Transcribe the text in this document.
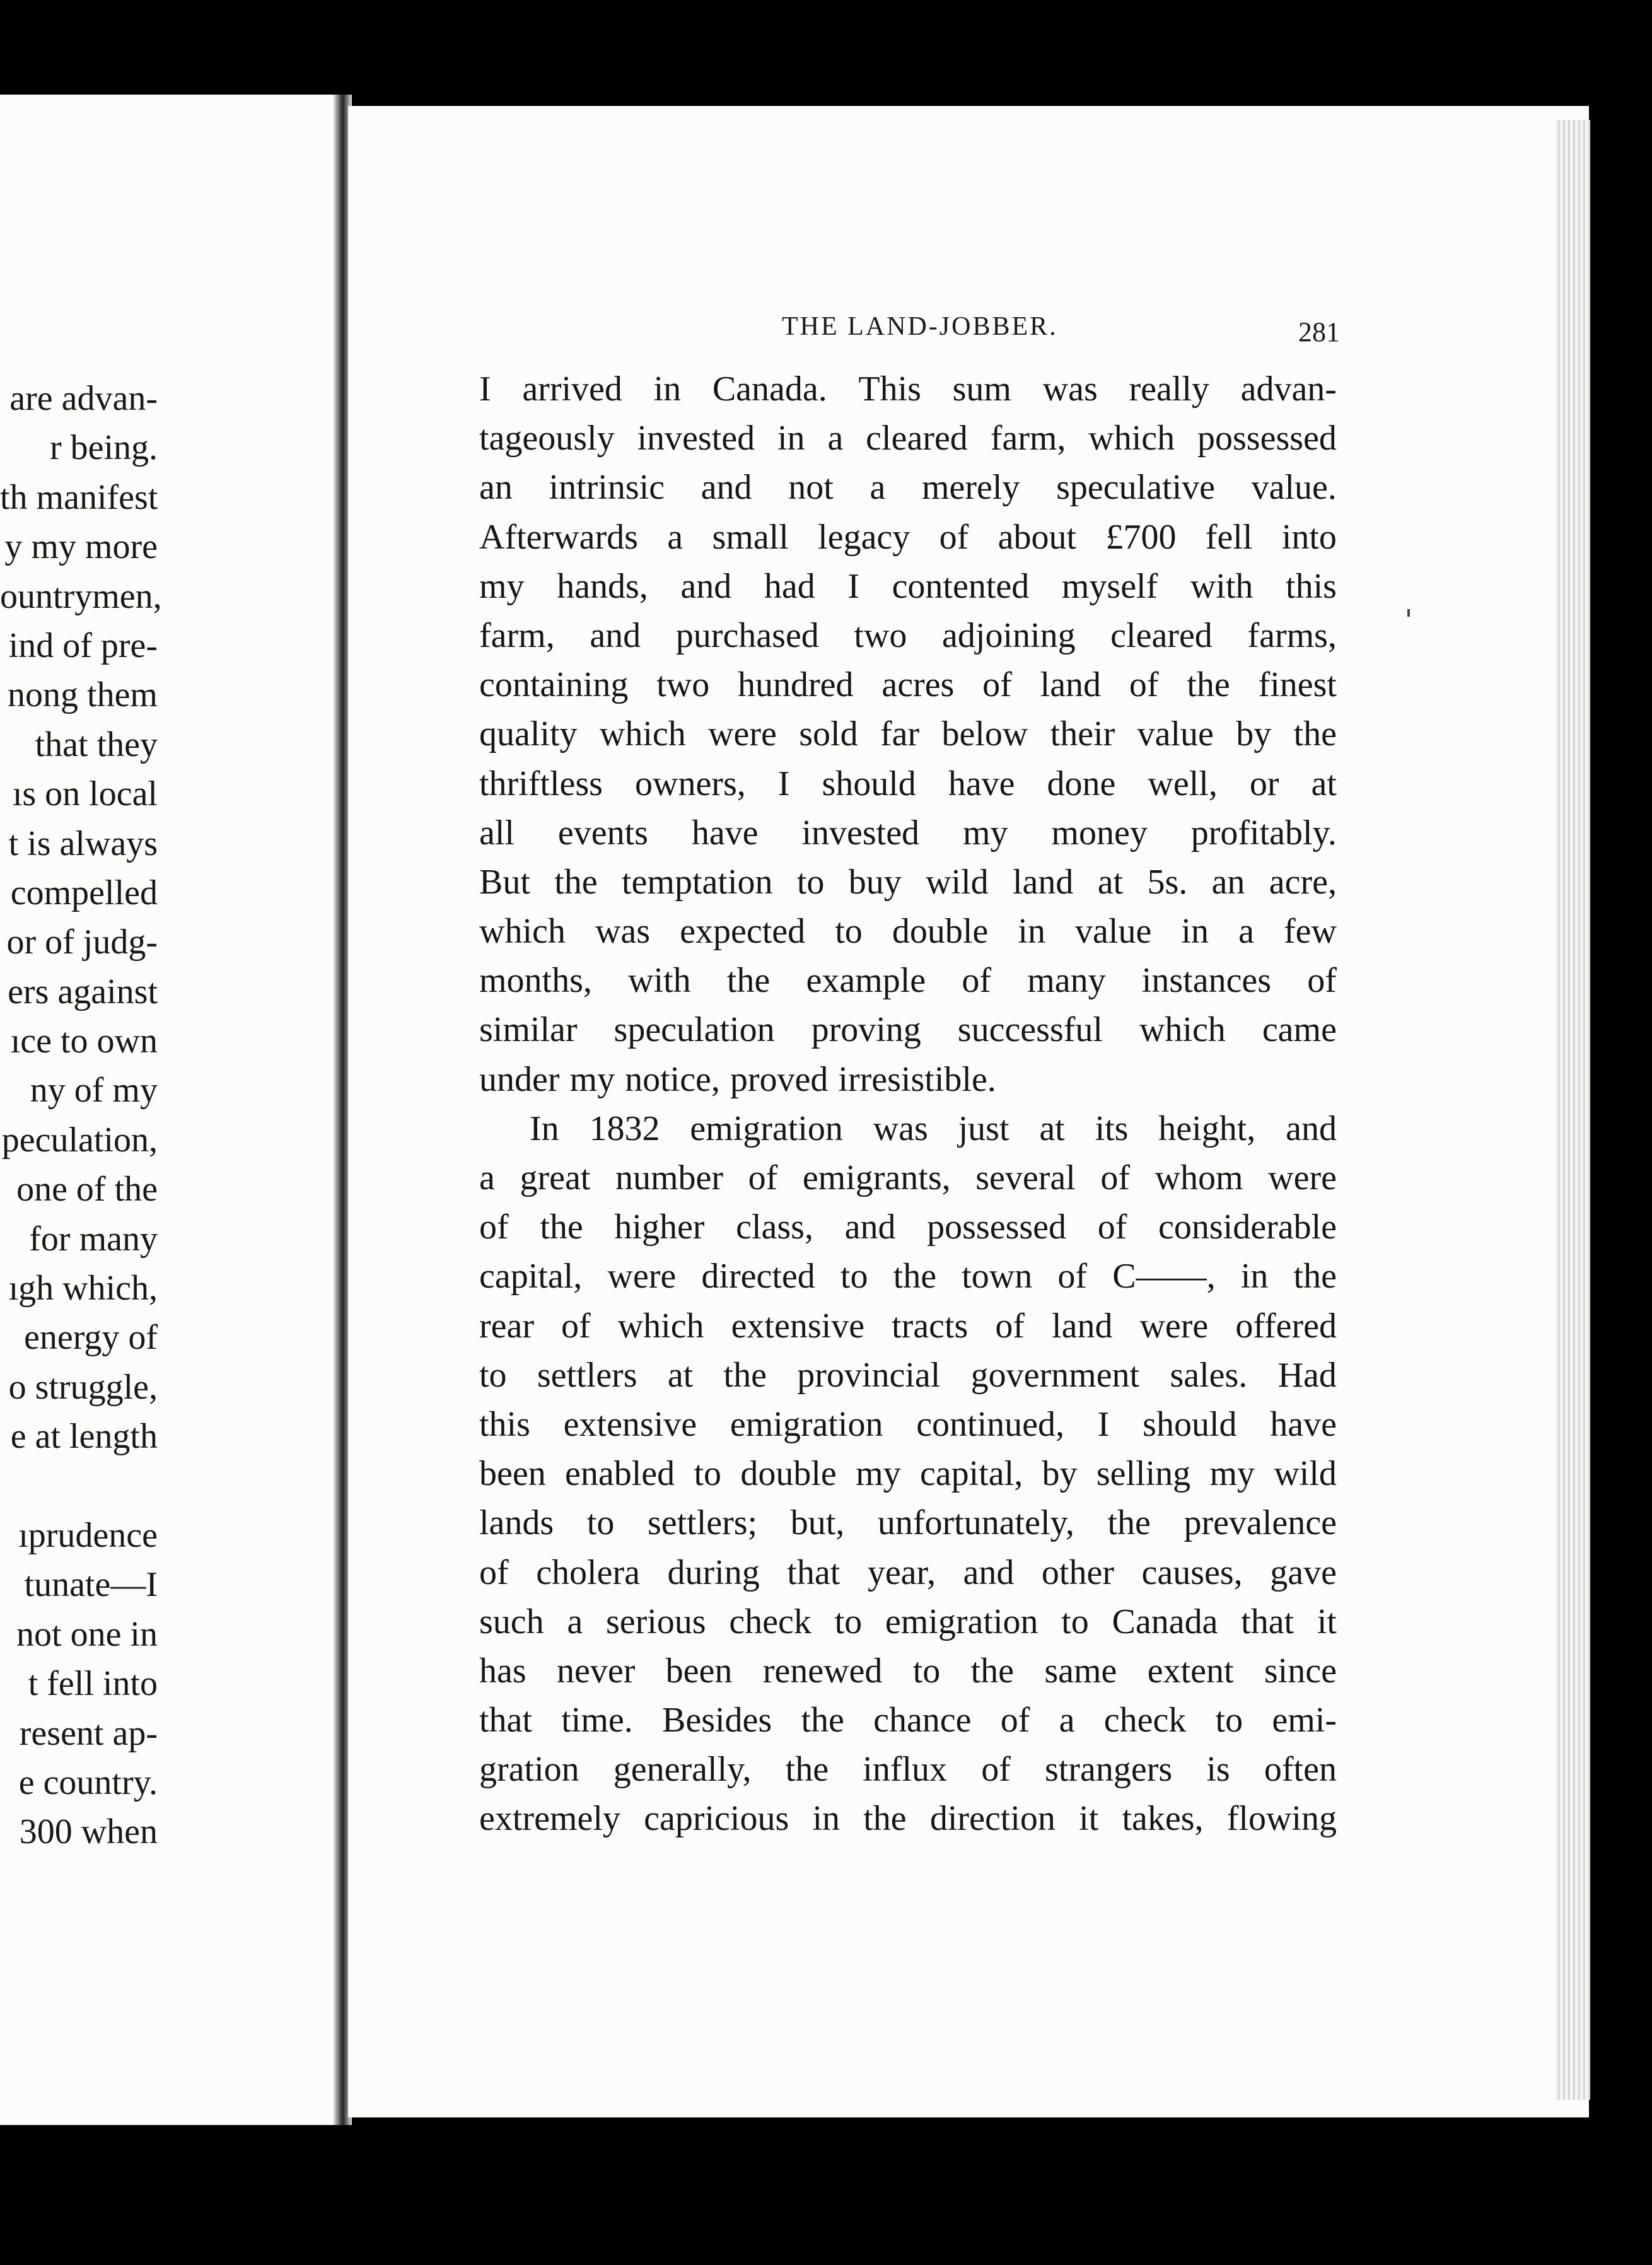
are advan-
r being.
th manifest
y my more
ountrymen,
ind of pre-
nong them
that they
ıs on local
t is always
compelled
or of judg-
ers against
ıce to own
ny of my
peculation,
one of the
for many
ıgh which,
energy of
o struggle,
e at length
ıprudence
tunate—I
not one in
t fell into
resent ap-
e country.
300 when
THE LAND-JOBBER.	281
I arrived in Canada. This sum was really advan-
tageously invested in a cleared farm, which possessed
an intrinsic and not a merely speculative value.
Afterwards a small legacy of about £700 fell into
my hands, and had I contented myself with this
farm, and purchased two adjoining cleared farms,
containing two hundred acres of land of the finest
quality which were sold far below their value by the
thriftless owners, I should have done well, or at
all events have invested my money profitably.
But the temptation to buy wild land at 5s. an acre,
which was expected to double in value in a few
months, with the example of many instances of
similar speculation proving successful which came
under my notice, proved irresistible.
In 1832 emigration was just at its height, and
a great number of emigrants, several of whom were
of the higher class, and possessed of considerable
capital, were directed to the town of C——, in the
rear of which extensive tracts of land were offered
to settlers at the provincial government sales. Had
this extensive emigration continued, I should have
been enabled to double my capital, by selling my wild
lands to settlers; but, unfortunately, the prevalence
of cholera during that year, and other causes, gave
such a serious check to emigration to Canada that it
has never been renewed to the same extent since
that time. Besides the chance of a check to emi-
gration generally, the influx of strangers is often
extremely capricious in the direction it takes, flowing
